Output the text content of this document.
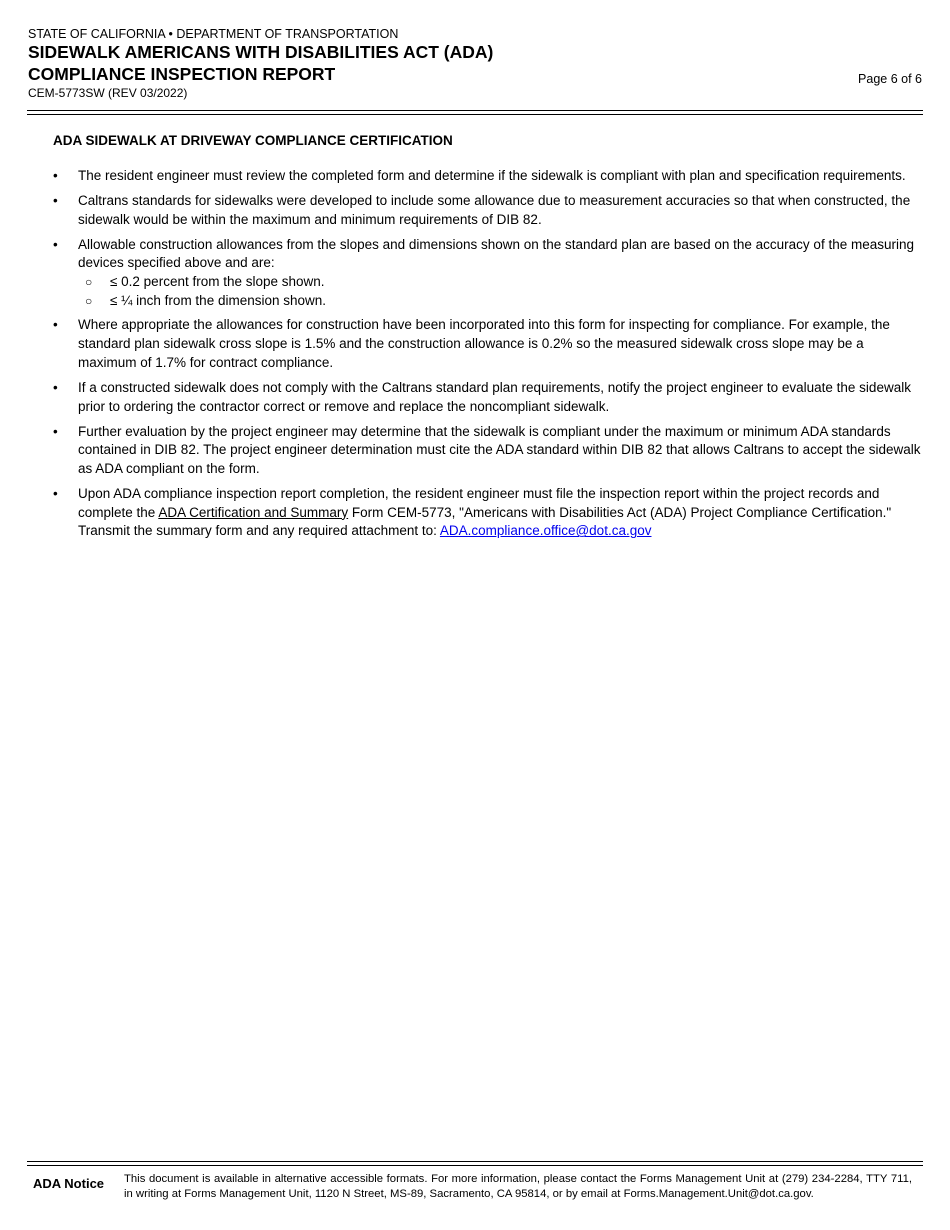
STATE OF CALIFORNIA • DEPARTMENT OF TRANSPORTATION
SIDEWALK AMERICANS WITH DISABILITIES ACT (ADA)
COMPLIANCE INSPECTION REPORT
CEM-5773SW (REV 03/2022)
Page 6 of 6
ADA SIDEWALK AT DRIVEWAY COMPLIANCE CERTIFICATION
• The resident engineer must review the completed form and determine if the sidewalk is compliant with plan and specification requirements.
• Caltrans standards for sidewalks were developed to include some allowance due to measurement accuracies so that when constructed, the sidewalk would be within the maximum and minimum requirements of DIB 82.
• Allowable construction allowances from the slopes and dimensions shown on the standard plan are based on the accuracy of the measuring devices specified above and are:
○ ≤ 0.2 percent from the slope shown.
○ ≤ ¼ inch from the dimension shown.
• Where appropriate the allowances for construction have been incorporated into this form for inspecting for compliance. For example, the standard plan sidewalk cross slope is 1.5% and the construction allowance is 0.2% so the measured sidewalk cross slope may be a maximum of 1.7% for contract compliance.
• If a constructed sidewalk does not comply with the Caltrans standard plan requirements, notify the project engineer to evaluate the sidewalk prior to ordering the contractor correct or remove and replace the noncompliant sidewalk.
• Further evaluation by the project engineer may determine that the sidewalk is compliant under the maximum or minimum ADA standards contained in DIB 82. The project engineer determination must cite the ADA standard within DIB 82 that allows Caltrans to accept the sidewalk as ADA compliant on the form.
• Upon ADA compliance inspection report completion, the resident engineer must file the inspection report within the project records and complete the ADA Certification and Summary Form CEM-5773, "Americans with Disabilities Act (ADA) Project Compliance Certification." Transmit the summary form and any required attachment to: ADA.compliance.office@dot.ca.gov
ADA Notice This document is available in alternative accessible formats. For more information, please contact the Forms Management Unit at (279) 234-2284, TTY 711, in writing at Forms Management Unit, 1120 N Street, MS-89, Sacramento, CA 95814, or by email at Forms.Management.Unit@dot.ca.gov.
